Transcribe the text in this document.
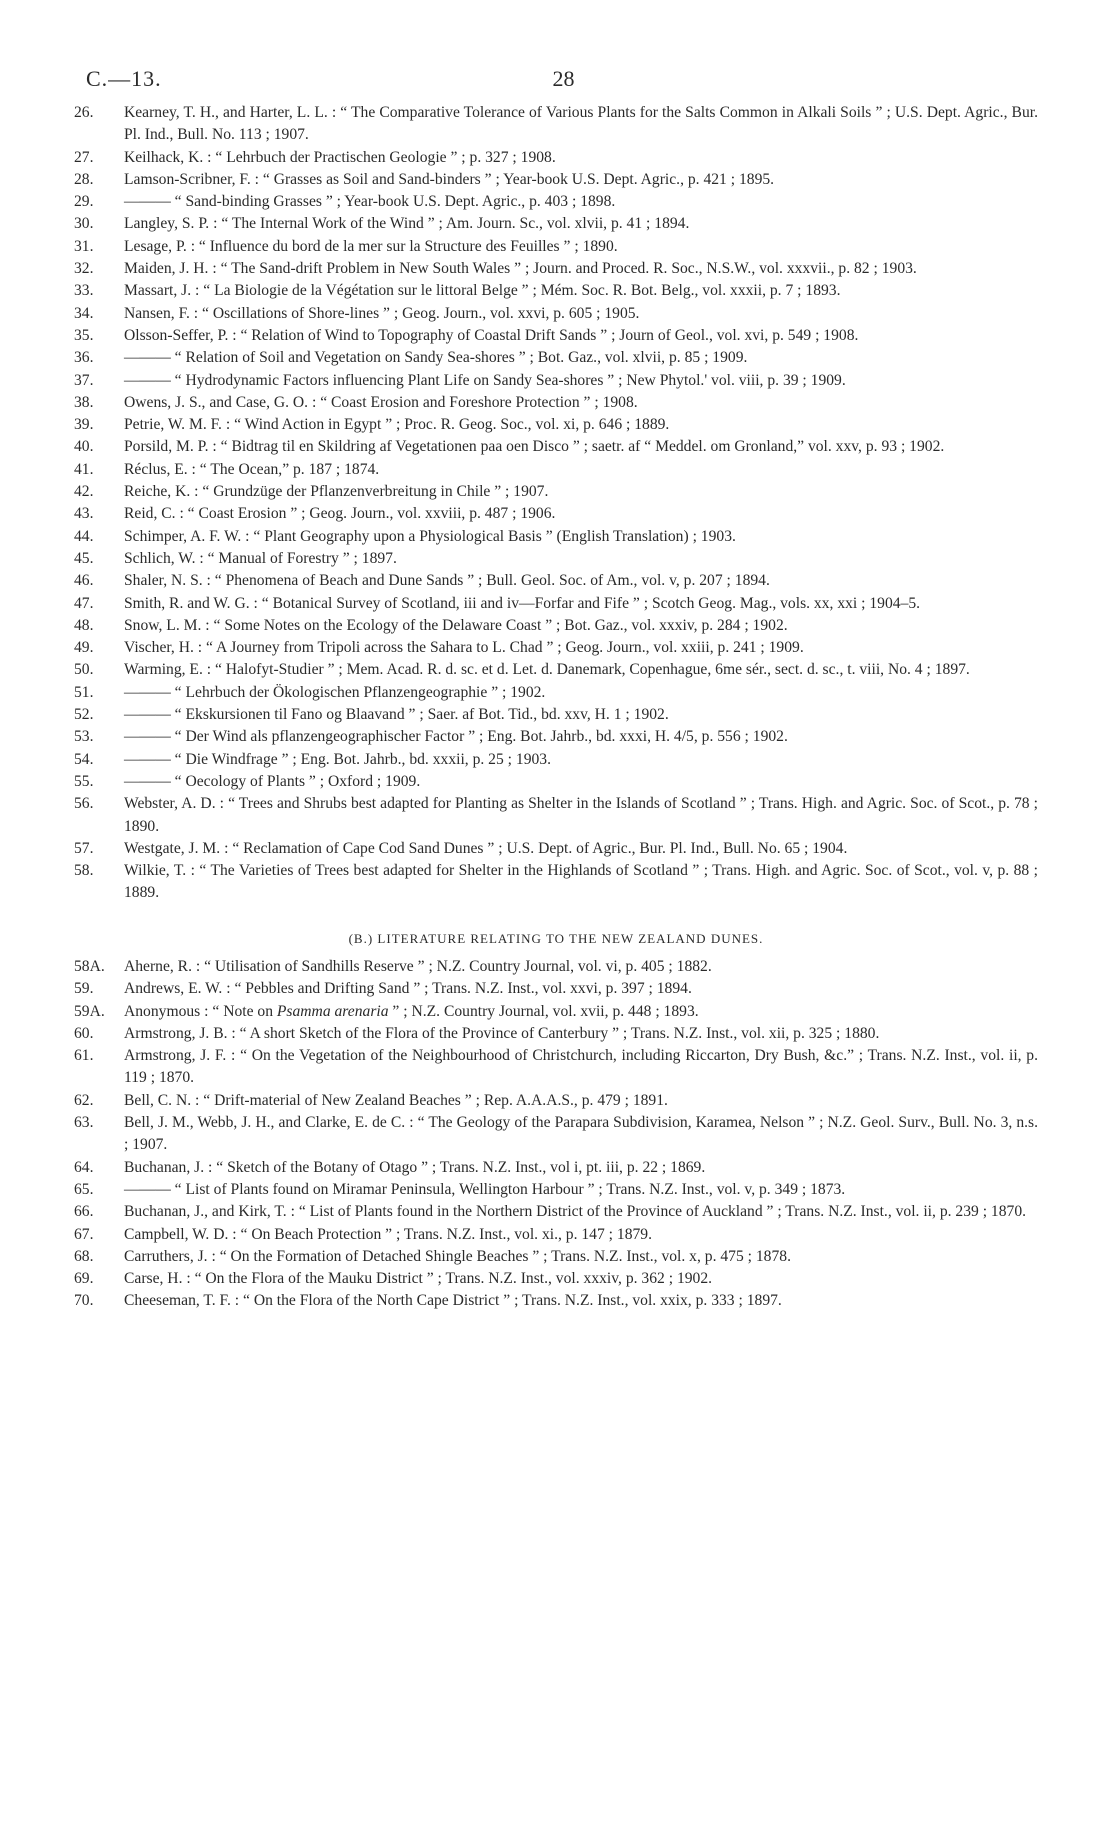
C.—13.	28
26.	Kearney, T. H., and Harter, L. L. : “ The Comparative Tolerance of Various Plants for the Salts Common in Alkali Soils ” ; U.S. Dept. Agric., Bur. Pl. Ind., Bull. No. 113 ; 1907.
27.	Keilhack, K. : “ Lehrbuch der Practischen Geologie ” ; p. 327 ; 1908.
28.	Lamson-Scribner, F. : “ Grasses as Soil and Sand-binders ” ; Year-book U.S. Dept. Agric., p. 421 ; 1895.
29.	——— “ Sand-binding Grasses ” ; Year-book U.S. Dept. Agric., p. 403 ; 1898.
30.	Langley, S. P. : “ The Internal Work of the Wind ” ; Am. Journ. Sc., vol. xlvii, p. 41 ; 1894.
31.	Lesage, P. : “ Influence du bord de la mer sur la Structure des Feuilles ” ; 1890.
32.	Maiden, J. H. : “ The Sand-drift Problem in New South Wales ” ; Journ. and Proced. R. Soc., N.S.W., vol. xxxvii., p. 82 ; 1903.
33.	Massart, J. : “ La Biologie de la Végétation sur le littoral Belge ” ; Mém. Soc. R. Bot. Belg., vol. xxxii, p. 7 ; 1893.
34.	Nansen, F. : “ Oscillations of Shore-lines ” ; Geog. Journ., vol. xxvi, p. 605 ; 1905.
35.	Olsson-Seffer, P. : “ Relation of Wind to Topography of Coastal Drift Sands ” ; Journ of Geol., vol. xvi, p. 549 ; 1908.
36.	——— “ Relation of Soil and Vegetation on Sandy Sea-shores ” ; Bot. Gaz., vol. xlvii, p. 85 ; 1909.
37.	——— “ Hydrodynamic Factors influencing Plant Life on Sandy Sea-shores ” ; New Phytol.' vol. viii, p. 39 ; 1909.
38.	Owens, J. S., and Case, G. O. : “ Coast Erosion and Foreshore Protection ” ; 1908.
39.	Petrie, W. M. F. : “ Wind Action in Egypt ” ; Proc. R. Geog. Soc., vol. xi, p. 646 ; 1889.
40.	Porsild, M. P. : “ Bidtrag til en Skildring af Vegetationen paa oen Disco ” ; saetr. af “ Meddel. om Gronland,” vol. xxv, p. 93 ; 1902.
41.	Réclus, E. : “ The Ocean,” p. 187 ; 1874.
42.	Reiche, K. : “ Grundzüge der Pflanzenverbreitung in Chile ” ; 1907.
43.	Reid, C. : “ Coast Erosion ” ; Geog. Journ., vol. xxviii, p. 487 ; 1906.
44.	Schimper, A. F. W. : “ Plant Geography upon a Physiological Basis ” (English Translation) ; 1903.
45.	Schlich, W. : “ Manual of Forestry ” ; 1897.
46.	Shaler, N. S. : “ Phenomena of Beach and Dune Sands ” ; Bull. Geol. Soc. of Am., vol. v, p. 207 ; 1894.
47.	Smith, R. and W. G. : “ Botanical Survey of Scotland, iii and iv—Forfar and Fife ” ; Scotch Geog. Mag., vols. xx, xxi ; 1904–5.
48.	Snow, L. M. : “ Some Notes on the Ecology of the Delaware Coast ” ; Bot. Gaz., vol. xxxiv, p. 284 ; 1902.
49.	Vischer, H. : “ A Journey from Tripoli across the Sahara to L. Chad ” ; Geog. Journ., vol. xxiii, p. 241 ; 1909.
50.	Warming, E. : “ Halofyt-Studier ” ; Mem. Acad. R. d. sc. et d. Let. d. Danemark, Copenhague, 6me sér., sect. d. sc., t. viii, No. 4 ; 1897.
51.	——— “ Lehrbuch der Ökologischen Pflanzengeographie ” ; 1902.
52.	——— “ Ekskursionen til Fano og Blaavand ” ; Saer. af Bot. Tid., bd. xxv, H. 1 ; 1902.
53.	——— “ Der Wind als pflanzengeographischer Factor ” ; Eng. Bot. Jahrb., bd. xxxi, H. 4/5, p. 556 ; 1902.
54.	——— “ Die Windfrage ” ; Eng. Bot. Jahrb., bd. xxxii, p. 25 ; 1903.
55.	——— “ Oecology of Plants ” ; Oxford ; 1909.
56.	Webster, A. D. : “ Trees and Shrubs best adapted for Planting as Shelter in the Islands of Scotland ” ; Trans. High. and Agric. Soc. of Scot., p. 78 ; 1890.
57.	Westgate, J. M. : “ Reclamation of Cape Cod Sand Dunes ” ; U.S. Dept. of Agric., Bur. Pl. Ind., Bull. No. 65 ; 1904.
58.	Wilkie, T. : “ The Varieties of Trees best adapted for Shelter in the Highlands of Scotland ” ; Trans. High. and Agric. Soc. of Scot., vol. v, p. 88 ; 1889.
(B.) LITERATURE RELATING TO THE NEW ZEALAND DUNES.
58A.	Aherne, R. : “ Utilisation of Sandhills Reserve ” ; N.Z. Country Journal, vol. vi, p. 405 ; 1882.
59.	Andrews, E. W. : “ Pebbles and Drifting Sand ” ; Trans. N.Z. Inst., vol. xxvi, p. 397 ; 1894.
59A.	Anonymous : “ Note on Psamma arenaria ” ; N.Z. Country Journal, vol. xvii, p. 448 ; 1893.
60.	Armstrong, J. B. : “ A short Sketch of the Flora of the Province of Canterbury ” ; Trans. N.Z. Inst., vol. xii, p. 325 ; 1880.
61.	Armstrong, J. F. : “ On the Vegetation of the Neighbourhood of Christchurch, including Riccarton, Dry Bush, &c.” ; Trans. N.Z. Inst., vol. ii, p. 119 ; 1870.
62.	Bell, C. N. : “ Drift-material of New Zealand Beaches ” ; Rep. A.A.A.S., p. 479 ; 1891.
63.	Bell, J. M., Webb, J. H., and Clarke, E. de C. : “ The Geology of the Parapara Subdivision, Karamea, Nelson ” ; N.Z. Geol. Surv., Bull. No. 3, n.s. ; 1907.
64.	Buchanan, J. : “ Sketch of the Botany of Otago ” ; Trans. N.Z. Inst., vol i, pt. iii, p. 22 ; 1869.
65.	——— “ List of Plants found on Miramar Peninsula, Wellington Harbour ” ; Trans. N.Z. Inst., vol. v, p. 349 ; 1873.
66.	Buchanan, J., and Kirk, T. : “ List of Plants found in the Northern District of the Province of Auckland ” ; Trans. N.Z. Inst., vol. ii, p. 239 ; 1870.
67.	Campbell, W. D. : “ On Beach Protection ” ; Trans. N.Z. Inst., vol. xi., p. 147 ; 1879.
68.	Carruthers, J. : “ On the Formation of Detached Shingle Beaches ” ; Trans. N.Z. Inst., vol. x, p. 475 ; 1878.
69.	Carse, H. : “ On the Flora of the Mauku District ” ; Trans. N.Z. Inst., vol. xxxiv, p. 362 ; 1902.
70.	Cheeseman, T. F. : “ On the Flora of the North Cape District ” ; Trans. N.Z. Inst., vol. xxix, p. 333 ; 1897.
